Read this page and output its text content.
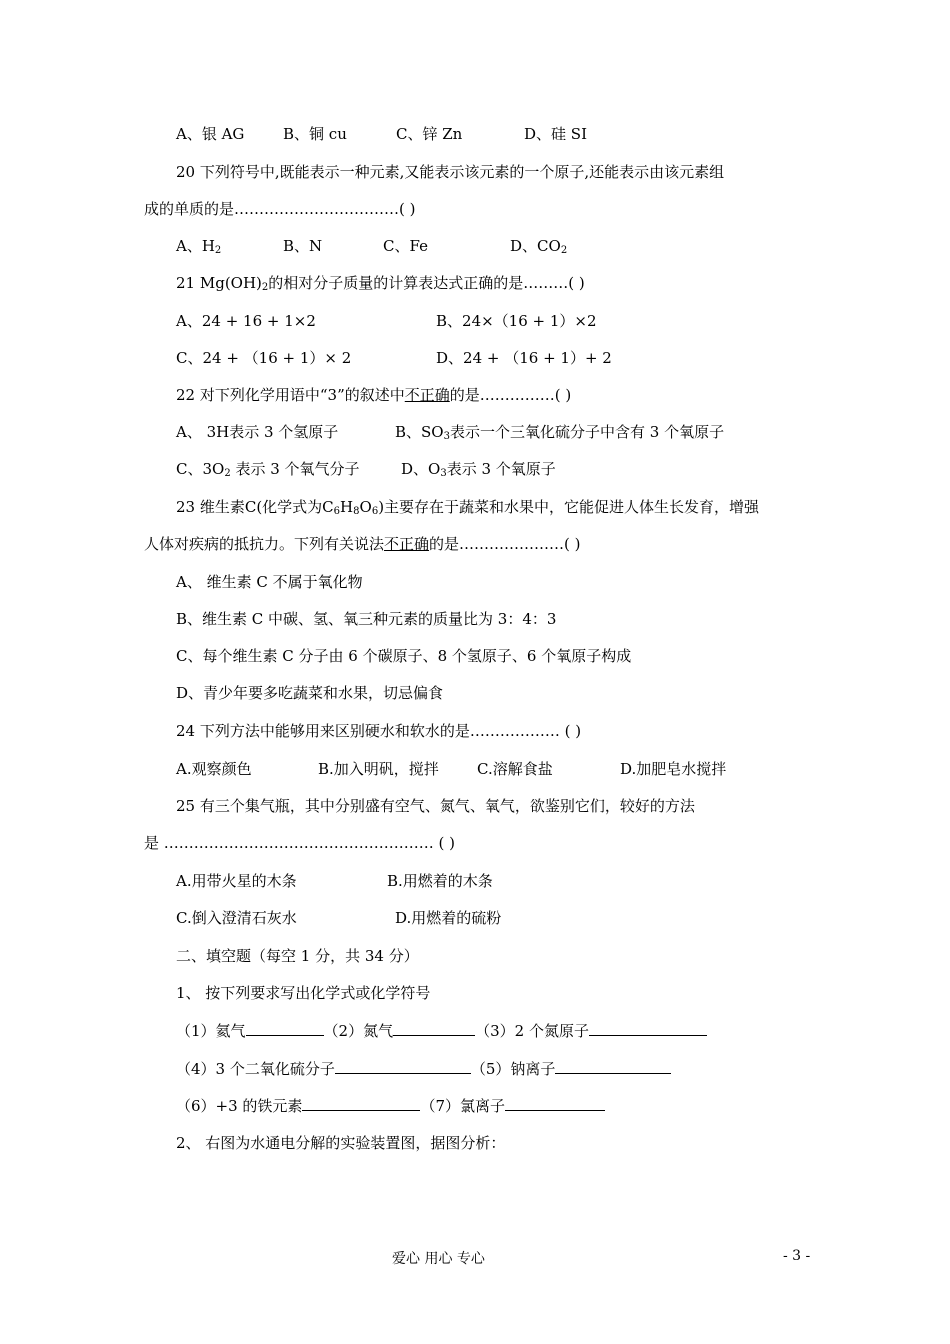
A、银 AG	B、铜 cu	C、锌 Zn	D、硅 SI
20 下列符号中,既能表示一种元素,又能表示该元素的一个原子,还能表示由该元素组
成的单质的是……………………………( )
A、$H_2$	B、N	C、Fe	D、$CO_2$
21 $Mg(OH)_2$的相对分子质量的计算表达式正确的是………( )
A、24 + 16 + 1×2	B、24×（16 + 1）×2
C、24 + （16 + 1）× 2	D、24 + （16 + 1）+ 2
22 对下列化学用语中“3”的叙述中不正确的是……………( )
A、 3H表示 3 个氢原子	B、$SO_3$表示一个三氧化硫分子中含有 3 个氧原子
C、$3O_2$ 表示 3 个氧气分子	D、$O_3$表示 3 个氧原子
23 维生素C(化学式为$C_6H_8O_6$)主要存在于蔬菜和水果中，它能促进人体生长发育，增强
人体对疾病的抵抗力。下列有关说法不正确的是…………………( )
A、 维生素 C 不属于氧化物
B、维生素 C 中碳、氢、氧三种元素的质量比为 3：4：3
C、每个维生素 C 分子由 6 个碳原子、8 个氢原子、6 个氧原子构成
D、青少年要多吃蔬菜和水果，切忌偏食
24 下列方法中能够用来区别硬水和软水的是……………… ( )
A.观察颜色	B.加入明矾，搅拌	C.溶解食盐	D.加肥皂水搅拌
25 有三个集气瓶，其中分别盛有空气、氮气、氧气，欲鉴别它们，较好的方法
是 ……………………………………………… ( )
A.用带火星的木条	B.用燃着的木条
C.倒入澄清石灰水	D.用燃着的硫粉
二、填空题（每空 1 分，共 34 分）
1、 按下列要求写出化学式或化学符号
（1）氦气	（2）氮气	（3）2 个氮原子
（4）3 个二氧化硫分子	（5）钠离子
（6）+3 的铁元素	（7）氯离子
2、 右图为水通电分解的实验装置图，据图分析：
爱心 用心 专心	- 3 -
